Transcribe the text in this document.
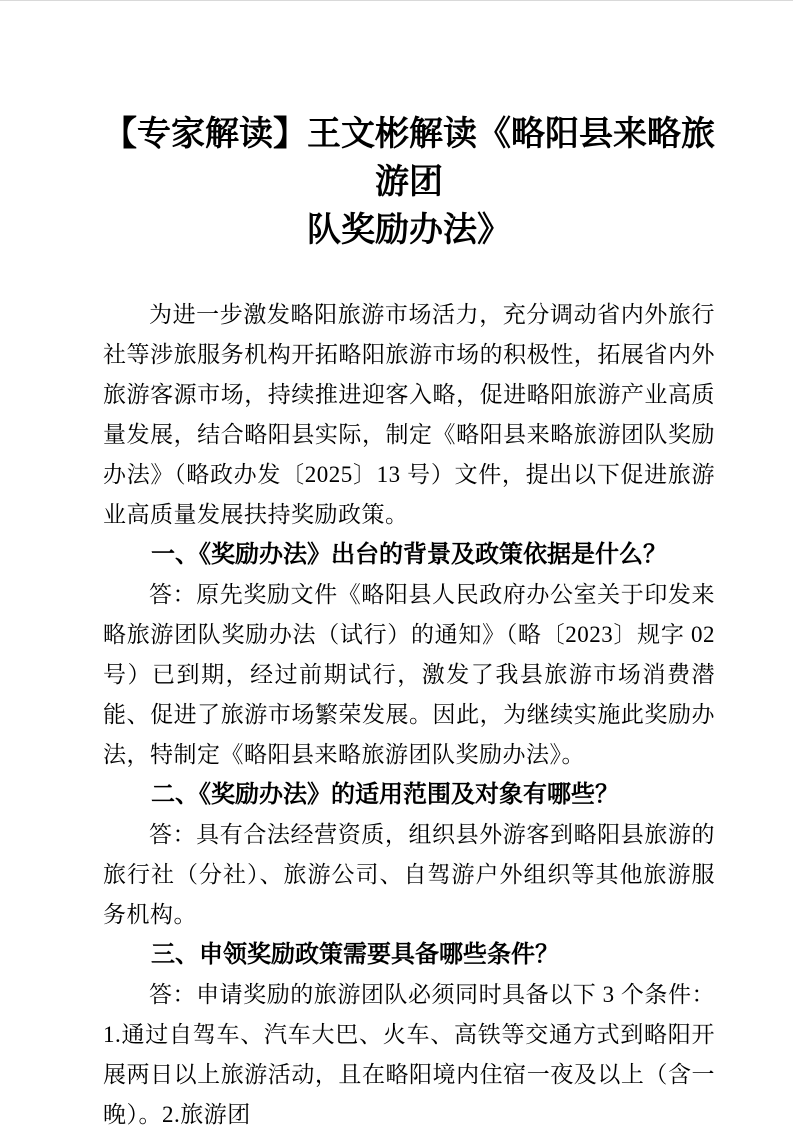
【专家解读】王文彬解读《略阳县来略旅游团
队奖励办法》

为进一步激发略阳旅游市场活力，充分调动省内外旅行社等涉旅服务机构开拓略阳旅游市场的积极性，拓展省内外旅游客源市场，持续推进迎客入略，促进略阳旅游产业高质量发展，结合略阳县实际，制定《略阳县来略旅游团队奖励办法》（略政办发〔2025〕13 号）文件，提出以下促进旅游业高质量发展扶持奖励政策。

一、《奖励办法》出台的背景及政策依据是什么？

答：原先奖励文件《略阳县人民政府办公室关于印发来略旅游团队奖励办法（试行）的通知》（略〔2023〕规字 02 号）已到期，经过前期试行，激发了我县旅游市场消费潜能、促进了旅游市场繁荣发展。因此，为继续实施此奖励办法，特制定《略阳县来略旅游团队奖励办法》。

二、《奖励办法》的适用范围及对象有哪些？

答：具有合法经营资质，组织县外游客到略阳县旅游的旅行社（分社）、旅游公司、自驾游户外组织等其他旅游服务机构。

三、申领奖励政策需要具备哪些条件？

答：申请奖励的旅游团队必须同时具备以下 3 个条件：1.通过自驾车、汽车大巴、火车、高铁等交通方式到略阳开展两日以上旅游活动，且在略阳境内住宿一夜及以上（含一晚）。2.旅游团
